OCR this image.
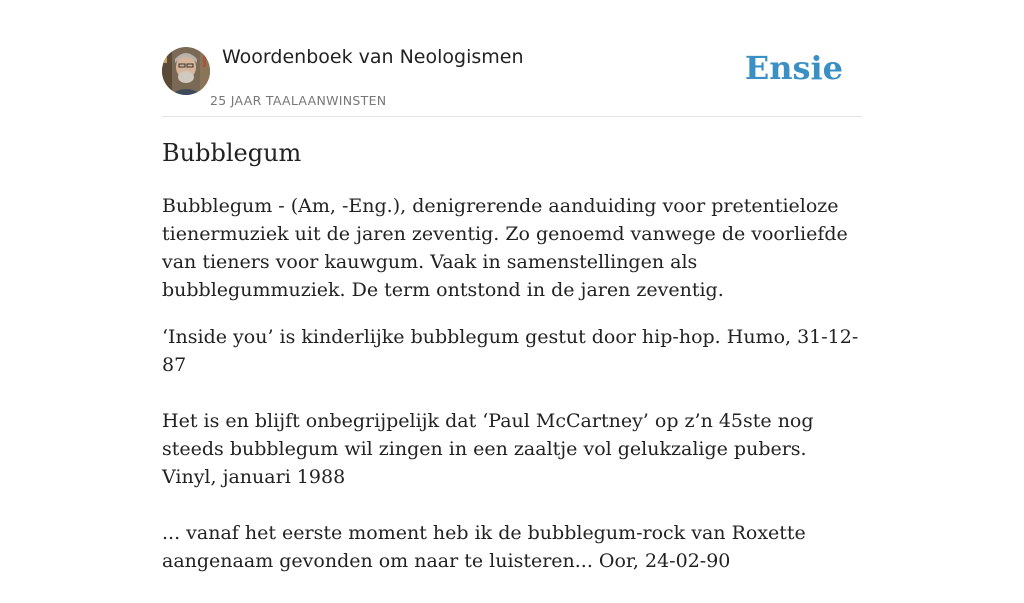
Woordenboek van Neologismen
25 JAAR TAALAANWINSTEN
Ensie
Bubblegum

Bubblegum - (Am, -Eng.), denigrerende aanduiding voor pretentieloze tienermuziek uit de jaren zeventig. Zo genoemd vanwege de voorliefde van tieners voor kauwgum. Vaak in samenstellingen als bubblegummuziek. De term ontstond in de jaren zeventig.

‘Inside you’ is kinderlijke bubblegum gestut door hip-hop. Humo, 31-12-87

Het is en blijft onbegrijpelijk dat ‘Paul McCartney’ op z’n 45ste nog steeds bubblegum wil zingen in een zaaltje vol gelukzalige pubers. Vinyl, januari 1988

... vanaf het eerste moment heb ik de bubblegum-rock van Roxette aangenaam gevonden om naar te luisteren... Oor, 24-02-90
